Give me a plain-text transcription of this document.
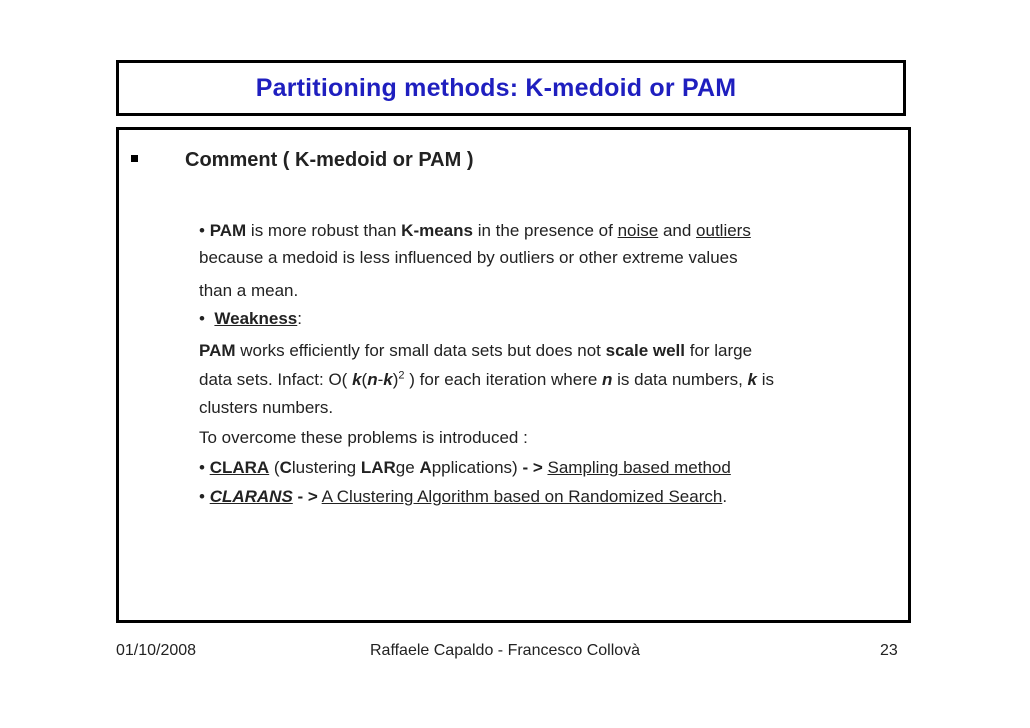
Partitioning methods: K-medoid or PAM
Comment ( K-medoid or PAM )
• PAM is more robust than K-means in the presence of noise and outliers
because a medoid is less influenced by outliers or other extreme values
than a mean.
• Weakness:
PAM works efficiently for small data sets but does not scale well for large
data sets. Infact: O( $k(n-k)^2$ ) for each iteration where n is data numbers, k is
clusters numbers.
To overcome these problems is introduced :
• CLARA (Clustering LARge Applications) - > Sampling based method
• CLARANS - > A Clustering Algorithm based on Randomized Search.
01/10/2008	Raffaele Capaldo - Francesco Collovà	23
